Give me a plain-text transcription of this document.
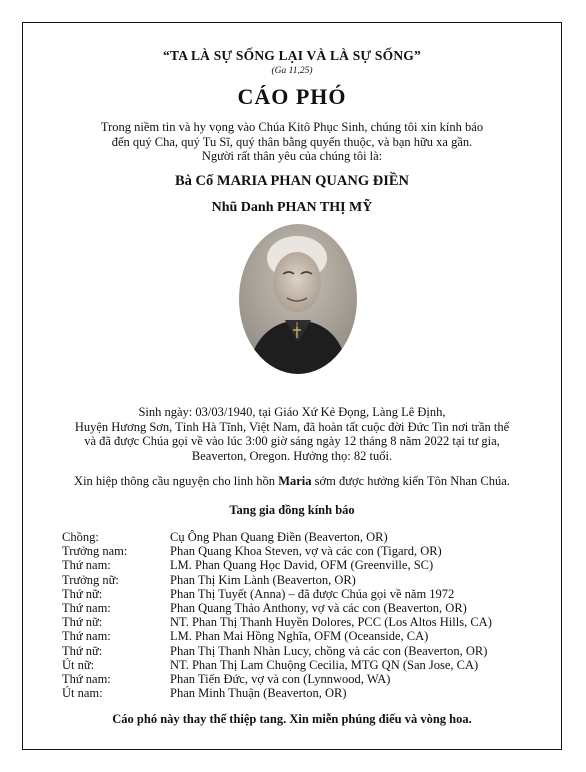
“TA LÀ SỰ SỐNG LẠI VÀ LÀ SỰ SỐNG”
(Ga 11,25)
CÁO PHÓ
Trong niềm tin và hy vọng vào Chúa Kitô Phục Sinh, chúng tôi xin kính báo
đến quý Cha, quý Tu Sĩ, quý thân bằng quyến thuộc, và bạn hữu xa gần.
Người rất thân yêu của chúng tôi là:
Bà Cố MARIA PHAN QUANG ĐIỀN
Nhũ Danh PHAN THỊ MỸ
Sinh ngày: 03/03/1940, tại Giáo Xứ Kẻ Đọng, Làng Lê Định,
Huyện Hương Sơn, Tỉnh Hà Tĩnh, Việt Nam, đã hoàn tất cuộc đời Đức Tin nơi trần thế
và đã được Chúa gọi về vào lúc 3:00 giờ sáng ngày 12 tháng 8 năm 2022 tại tư gia,
Beaverton, Oregon. Hưởng thọ: 82 tuổi.
Xin hiệp thông cầu nguyện cho linh hồn Maria sớm được hưởng kiến Tôn Nhan Chúa.
Tang gia đồng kính báo
Chồng:	Cụ Ông Phan Quang Điền (Beaverton, OR)
Trưởng nam:	Phan Quang Khoa Steven, vợ và các con (Tigard, OR)
Thứ nam:	LM. Phan Quang Học David, OFM (Greenville, SC)
Trưởng nữ:	Phan Thị Kim Lành (Beaverton, OR)
Thứ nữ:	Phan Thị Tuyết (Anna) – đã được Chúa gọi về năm 1972
Thứ nam:	Phan Quang Thảo Anthony, vợ và các con (Beaverton, OR)
Thứ nữ:	NT. Phan Thị Thanh Huyền Dolores, PCC (Los Altos Hills, CA)
Thứ nam:	LM. Phan Mai Hồng Nghĩa, OFM (Oceanside, CA)
Thứ nữ:	Phan Thị Thanh Nhàn Lucy, chồng và các con (Beaverton, OR)
Út nữ:	NT. Phan Thị Lam Chuộng Cecilia, MTG QN (San Jose, CA)
Thứ nam:	Phan Tiến Đức, vợ và con (Lynnwood, WA)
Út nam:	Phan Minh Thuận (Beaverton, OR)
Cáo phó này thay thế thiệp tang. Xin miễn phúng điếu và vòng hoa.
